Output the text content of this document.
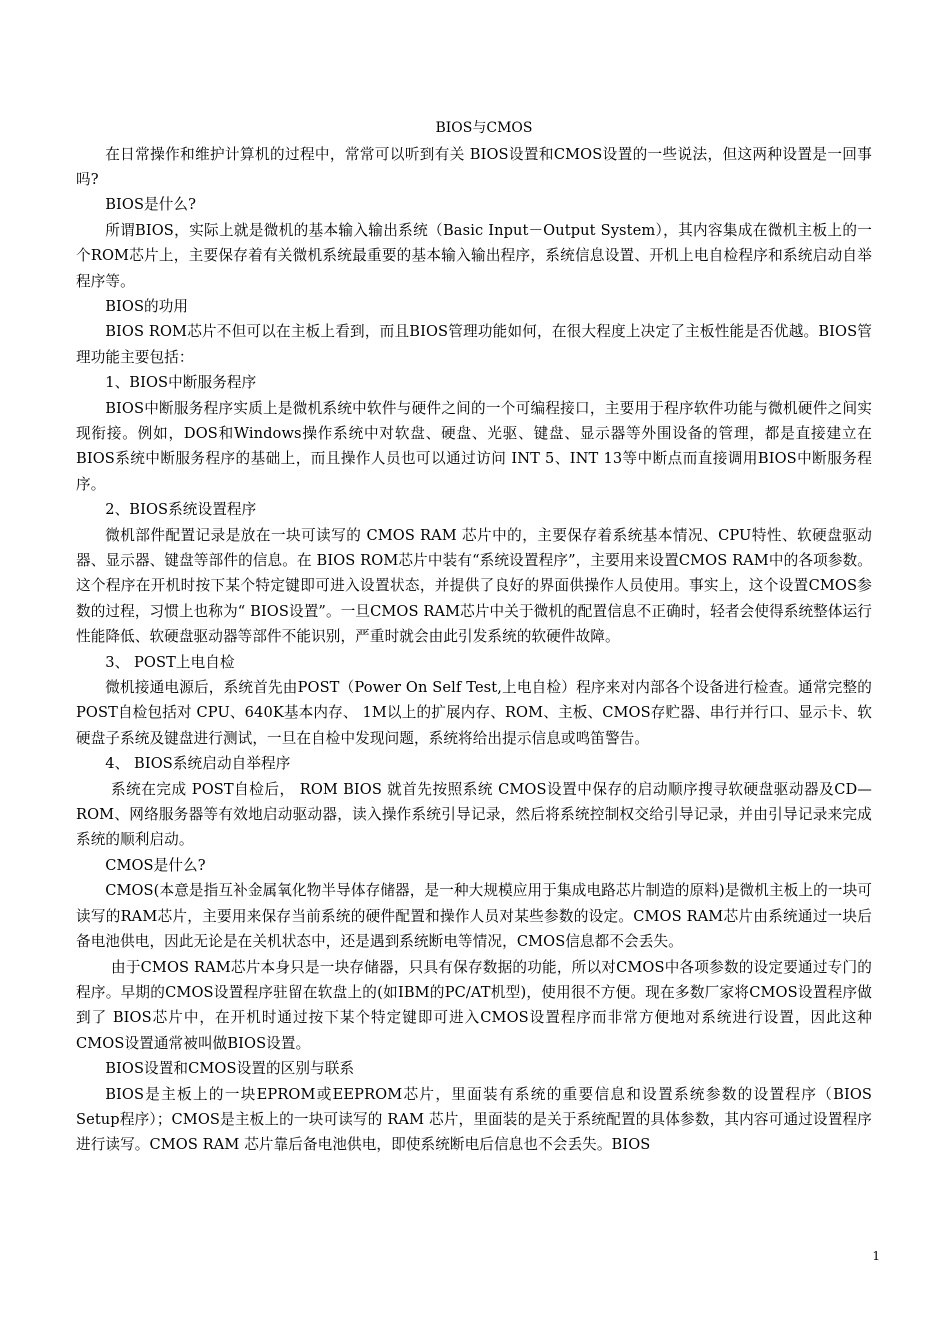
BIOS与CMOS

在日常操作和维护计算机的过程中，常常可以听到有关 BIOS设置和CMOS设置的一些说法，但这两种设置是一回事吗?

BIOS是什么?

所谓BIOS，实际上就是微机的基本输入输出系统（Basic Input－Output System），其内容集成在微机主板上的一个ROM芯片上，主要保存着有关微机系统最重要的基本输入输出程序，系统信息设置、开机上电自检程序和系统启动自举程序等。

BIOS的功用

BIOS ROM芯片不但可以在主板上看到，而且BIOS管理功能如何，在很大程度上决定了主板性能是否优越。BIOS管理功能主要包括：

1、BIOS中断服务程序

BIOS中断服务程序实质上是微机系统中软件与硬件之间的一个可编程接口，主要用于程序软件功能与微机硬件之间实现衔接。例如，DOS和Windows操作系统中对软盘、硬盘、光驱、键盘、显示器等外围设备的管理，都是直接建立在BIOS系统中断服务程序的基础上，而且操作人员也可以通过访问 INT 5、INT 13等中断点而直接调用BIOS中断服务程序。

2、BIOS系统设置程序

微机部件配置记录是放在一块可读写的 CMOS RAM 芯片中的，主要保存着系统基本情况、CPU特性、软硬盘驱动器、显示器、键盘等部件的信息。在 BIOS ROM芯片中装有“系统设置程序”，主要用来设置CMOS RAM中的各项参数。这个程序在开机时按下某个特定键即可进入设置状态，并提供了良好的界面供操作人员使用。事实上，这个设置CMOS参数的过程，习惯上也称为“ BIOS设置”。一旦CMOS RAM芯片中关于微机的配置信息不正确时，轻者会使得系统整体运行性能降低、软硬盘驱动器等部件不能识别，严重时就会由此引发系统的软硬件故障。

3、 POST上电自检

微机接通电源后，系统首先由POST（Power On Self Test,上电自检）程序来对内部各个设备进行检查。通常完整的POST自检包括对 CPU、640K基本内存、 1M以上的扩展内存、ROM、主板、CMOS存贮器、串行并行口、显示卡、软硬盘子系统及键盘进行测试，一旦在自检中发现问题，系统将给出提示信息或鸣笛警告。

4、 BIOS系统启动自举程序

系统在完成 POST自检后， ROM BIOS 就首先按照系统 CMOS设置中保存的启动顺序搜寻软硬盘驱动器及CD—ROM、网络服务器等有效地启动驱动器，读入操作系统引导记录，然后将系统控制权交给引导记录，并由引导记录来完成系统的顺利启动。

CMOS是什么?

CMOS(本意是指互补金属氧化物半导体存储器，是一种大规模应用于集成电路芯片制造的原料)是微机主板上的一块可读写的RAM芯片，主要用来保存当前系统的硬件配置和操作人员对某些参数的设定。CMOS RAM芯片由系统通过一块后备电池供电，因此无论是在关机状态中，还是遇到系统断电等情况，CMOS信息都不会丢失。

由于CMOS RAM芯片本身只是一块存储器，只具有保存数据的功能，所以对CMOS中各项参数的设定要通过专门的程序。早期的CMOS设置程序驻留在软盘上的(如IBM的PC/AT机型)，使用很不方便。现在多数厂家将CMOS设置程序做到了 BIOS芯片中，在开机时通过按下某个特定键即可进入CMOS设置程序而非常方便地对系统进行设置，因此这种CMOS设置通常被叫做BIOS设置。

BIOS设置和CMOS设置的区别与联系

BIOS是主板上的一块EPROM或EEPROM芯片，里面装有系统的重要信息和设置系统参数的设置程序（BIOS Setup程序）；CMOS是主板上的一块可读写的 RAM 芯片，里面装的是关于系统配置的具体参数，其内容可通过设置程序进行读写。CMOS RAM 芯片靠后备电池供电，即使系统断电后信息也不会丢失。BIOS

1
